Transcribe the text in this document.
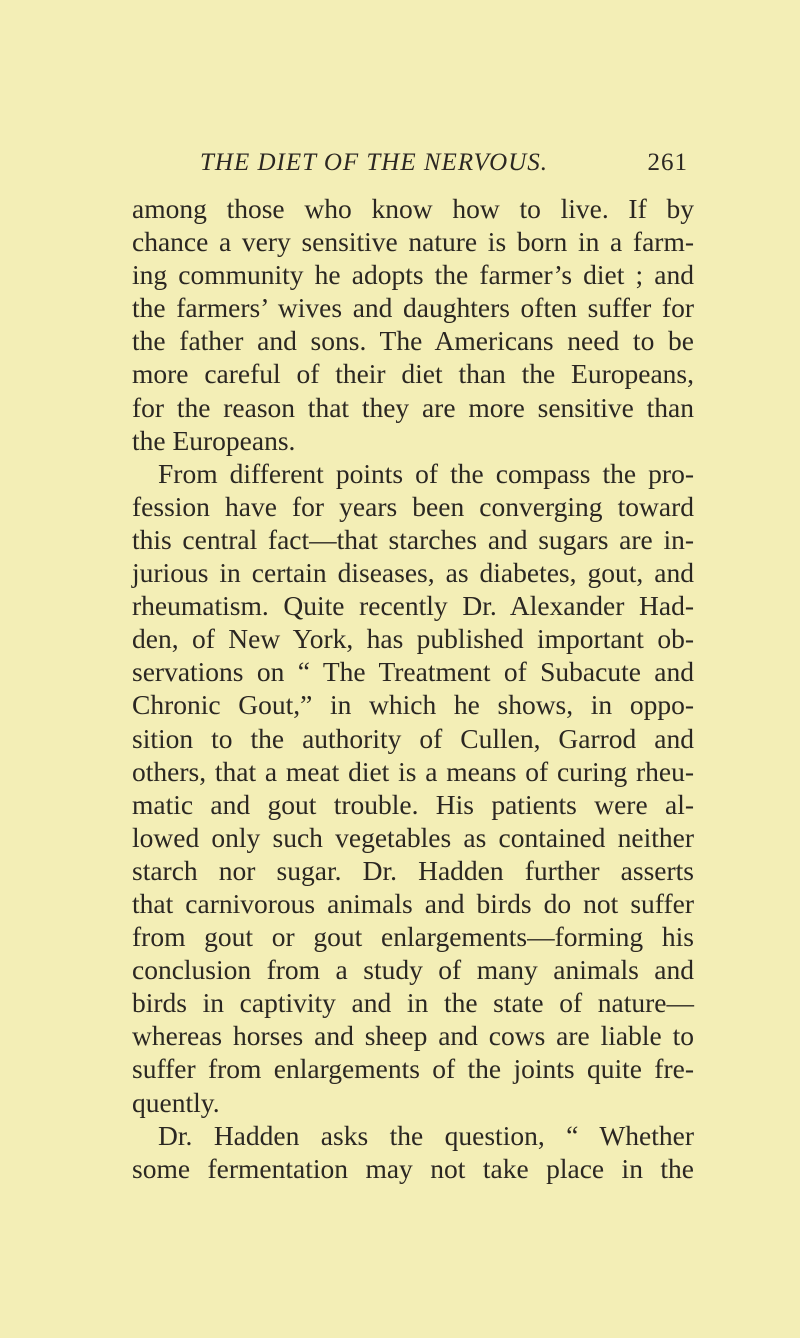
THE DIET OF THE NERVOUS.	261
among those who know how to live. If by
chance a very sensitive nature is born in a farm-
ing community he adopts the farmer’s diet ; and
the farmers’ wives and daughters often suffer for
the father and sons. The Americans need to be
more careful of their diet than the Europeans,
for the reason that they are more sensitive than
the Europeans.
From different points of the compass the pro-
fession have for years been converging toward
this central fact—that starches and sugars are in-
jurious in certain diseases, as diabetes, gout, and
rheumatism. Quite recently Dr. Alexander Had-
den, of New York, has published important ob-
servations on “ The Treatment of Subacute and
Chronic Gout,” in which he shows, in oppo-
sition to the authority of Cullen, Garrod and
others, that a meat diet is a means of curing rheu-
matic and gout trouble. His patients were al-
lowed only such vegetables as contained neither
starch nor sugar. Dr. Hadden further asserts
that carnivorous animals and birds do not suffer
from gout or gout enlargements—forming his
conclusion from a study of many animals and
birds in captivity and in the state of nature—
whereas horses and sheep and cows are liable to
suffer from enlargements of the joints quite fre-
quently.
Dr. Hadden asks the question, “ Whether
some fermentation may not take place in the
